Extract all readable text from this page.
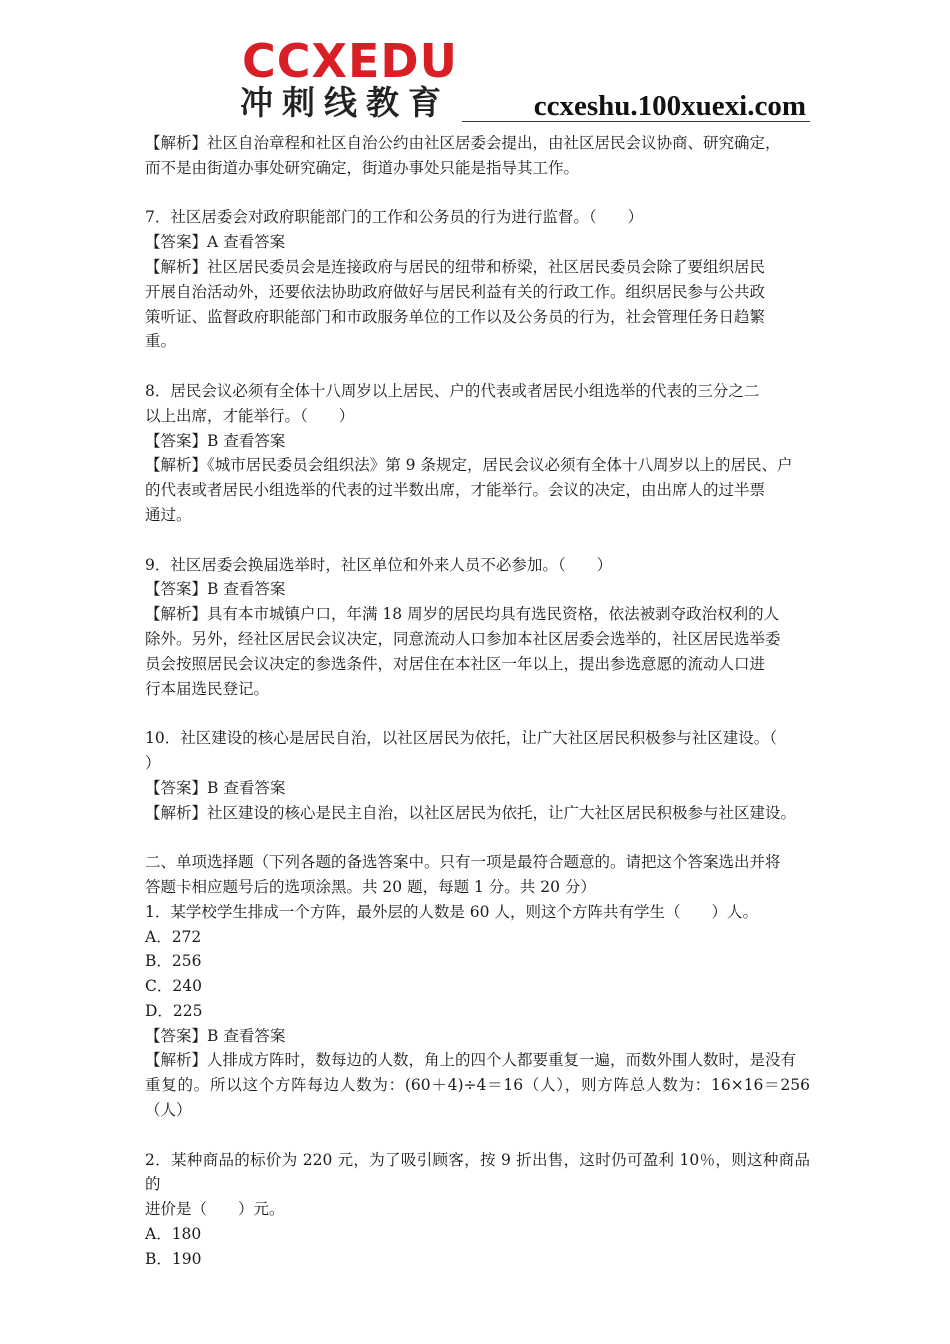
CCXEDU
冲刺线教育	ccxeshu.100xuexi.com

【解析】社区自治章程和社区自治公约由社区居委会提出，由社区居民会议协商、研究确定，

而不是由街道办事处研究确定，街道办事处只能是指导其工作。

7．社区居委会对政府职能部门的工作和公务员的行为进行监督。（　　）

【答案】A 查看答案

【解析】社区居民委员会是连接政府与居民的纽带和桥梁，社区居民委员会除了要组织居民

开展自治活动外，还要依法协助政府做好与居民利益有关的行政工作。组织居民参与公共政

策听证、监督政府职能部门和市政服务单位的工作以及公务员的行为，社会管理任务日趋繁

重。

8．居民会议必须有全体十八周岁以上居民、户的代表或者居民小组选举的代表的三分之二

以上出席，才能举行。（　　）

【答案】B 查看答案

【解析】《城市居民委员会组织法》第 9 条规定，居民会议必须有全体十八周岁以上的居民、户

的代表或者居民小组选举的代表的过半数出席，才能举行。会议的决定，由出席人的过半票

通过。

9．社区居委会换届选举时，社区单位和外来人员不必参加。（　　）

【答案】B 查看答案

【解析】具有本市城镇户口，年满 18 周岁的居民均具有选民资格，依法被剥夺政治权利的人

除外。另外，经社区居民会议决定，同意流动人口参加本社区居委会选举的，社区居民选举委

员会按照居民会议决定的参选条件，对居住在本社区一年以上，提出参选意愿的流动人口进

行本届选民登记。

10．社区建设的核心是居民自治，以社区居民为依托，让广大社区居民积极参与社区建设。（

）

【答案】B 查看答案

【解析】社区建设的核心是民主自治，以社区居民为依托，让广大社区居民积极参与社区建设。

二、单项选择题（下列各题的备选答案中。只有一项是最符合题意的。请把这个答案选出并将

答题卡相应题号后的选项涂黑。共 20 题，每题 1 分。共 20 分）

1．某学校学生排成一个方阵，最外层的人数是 60 人，则这个方阵共有学生（　　）人。

A．272

B．256

C．240

D．225

【答案】B 查看答案

【解析】人排成方阵时，数每边的人数，角上的四个人都要重复一遍，而数外围人数时，是没有

重复的。所以这个方阵每边人数为：(60＋4)÷4＝16（人），则方阵总人数为：16×16＝256（人）

2．某种商品的标价为 220 元，为了吸引顾客，按 9 折出售，这时仍可盈利 10％，则这种商品的

进价是（　　）元。

A．180

B．190
